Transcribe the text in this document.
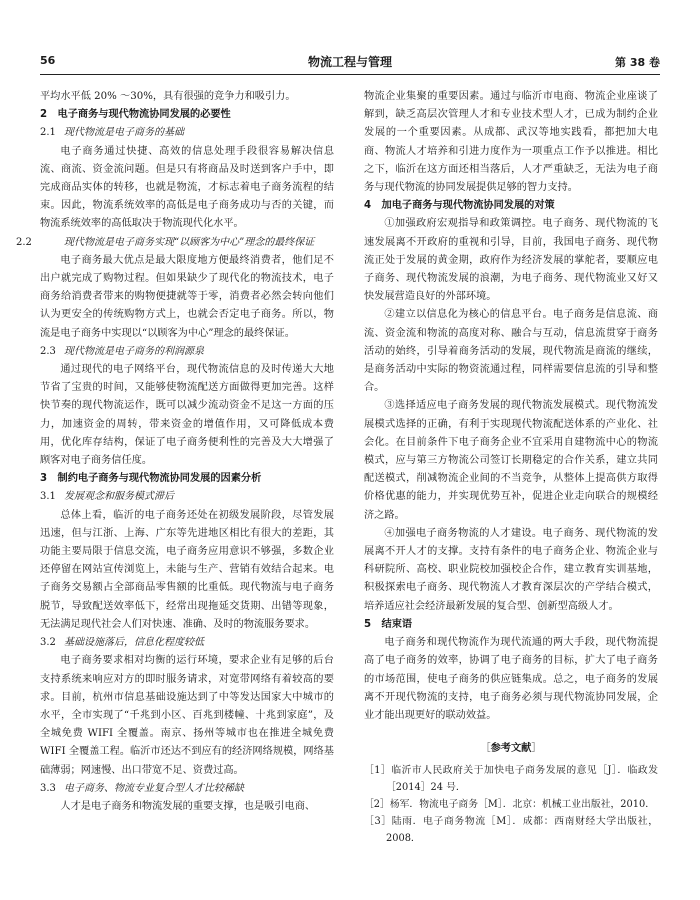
56	物流工程与管理	第 38 卷

平均水平低 20% ～30%，具有很强的竞争力和吸引力。

2 电子商务与现代物流协同发展的必要性

2.1 现代物流是电子商务的基础

电子商务通过快捷、高效的信息处理手段很容易解决信息流、商流、资金流问题。但是只有将商品及时送到客户手中，即完成商品实体的转移，也就是物流，才标志着电子商务流程的结束。因此，物流系统效率的高低是电子商务成功与否的关键，而物流系统效率的高低取决于物流现代化水平。

2.2	现代物流是电子商务实现“以顾客为中心”理念的最终保证

电子商务最大优点是最大限度地方便最终消费者，他们足不出户就完成了购物过程。但如果缺少了现代化的物流技术，电子商务给消费者带来的购物便捷就等于零，消费者必然会转向他们认为更安全的传统购物方式上，也就会否定电子商务。所以，物流是电子商务中实现以“以顾客为中心”理念的最终保证。

2.3 现代物流是电子商务的利润源泉

通过现代的电子网络平台，现代物流信息的及时传递大大地节省了宝贵的时间，又能够使物流配送方面做得更加完善。这样快节奏的现代物流运作，既可以减少流动资金不足这一方面的压力，加速资金的周转，带来资金的增值作用，又可降低成本费用，优化库存结构，保证了电子商务便利性的完善及大大增强了顾客对电子商务信任度。

3 制约电子商务与现代物流协同发展的因素分析

3.1 发展观念和服务模式滞后

总体上看，临沂的电子商务还处在初级发展阶段，尽管发展迅速，但与江浙、上海、广东等先进地区相比有很大的差距，其功能主要局限于信息交流，电子商务应用意识不够强，多数企业还停留在网站宣传浏览上，未能与生产、营销有效结合起来。电子商务交易额占全部商品零售额的比重低。现代物流与电子商务脱节，导致配送效率低下，经常出现拖延交货期、出错等现象，无法满足现代社会人们对快速、准确、及时的物流服务要求。

3.2 基础设施落后，信息化程度较低

电子商务要求相对均衡的运行环境，要求企业有足够的后台支持系统来响应对方的即时服务请求，对宽带网络有着较高的要求。目前，杭州市信息基础设施达到了中等发达国家大中城市的水平，全市实现了“千兆到小区、百兆到楼幢、十兆到家庭”，及全城免费 WIFI 全覆盖。南京、扬州等城市也在推进全城免费 WIFI 全覆盖工程。临沂市还达不到应有的经济网络规模，网络基础薄弱；网速慢、出口带宽不足、资费过高。

3.3 电子商务、物流专业复合型人才比较稀缺

人才是电子商务和物流发展的重要支撑，也是吸引电商、

物流企业集聚的重要因素。通过与临沂市电商、物流企业座谈了解到，缺乏高层次管理人才和专业技术型人才，已成为制约企业发展的一个重要因素。从成都、武汉等地实践看，都把加大电商、物流人才培养和引进力度作为一项重点工作予以推进。相比之下，临沂在这方面还相当落后，人才严重缺乏，无法为电子商务与现代物流的协同发展提供足够的智力支持。

4 加电子商务与现代物流协同发展的对策

①加强政府宏观指导和政策调控。电子商务、现代物流的飞速发展离不开政府的重视和引导，目前，我国电子商务、现代物流正处于发展的黄金期，政府作为经济发展的掌舵者，要顺应电子商务、现代物流发展的浪潮，为电子商务、现代物流业又好又快发展营造良好的外部环境。

②建立以信息化为核心的信息平台。电子商务是信息流、商流、资金流和物流的高度对称、融合与互动，信息流贯穿于商务活动的始终，引导着商务活动的发展，现代物流是商流的继续，是商务活动中实际的物资流通过程，同样需要信息流的引导和整合。

③选择适应电子商务发展的现代物流发展模式。现代物流发展模式选择的正确，有利于实现现代物流配送体系的产业化、社会化。在目前条件下电子商务企业不宜采用自建物流中心的物流模式，应与第三方物流公司签订长期稳定的合作关系，建立共同配送模式，削减物流企业间的不当竞争，从整体上提高供方取得价格优惠的能力，并实现优势互补，促进企业走向联合的规模经济之路。

④加强电子商务物流的人才建设。电子商务、现代物流的发展离不开人才的支撑。支持有条件的电子商务企业、物流企业与科研院所、高校、职业院校加强校企合作，建立教育实训基地，积极探索电子商务、现代物流人才教育深层次的产学结合模式，培养适应社会经济最新发展的复合型、创新型高级人才。

5 结束语

电子商务和现代物流作为现代流通的两大手段，现代物流提高了电子商务的效率，协调了电子商务的目标，扩大了电子商务的市场范围，使电子商务的供应链集成。总之，电子商务的发展离不开现代物流的支持，电子商务必须与现代物流协同发展，企业才能出现更好的联动效益。

［参考文献］

［1］临沂市人民政府关于加快电子商务发展的意见［J］．临政发［2014］24 号．

［2］杨军．物流电子商务［M］．北京：机械工业出版社，2010．

［3］陆雨．电子商务物流［M］．成都：西南财经大学出版社，2008．
